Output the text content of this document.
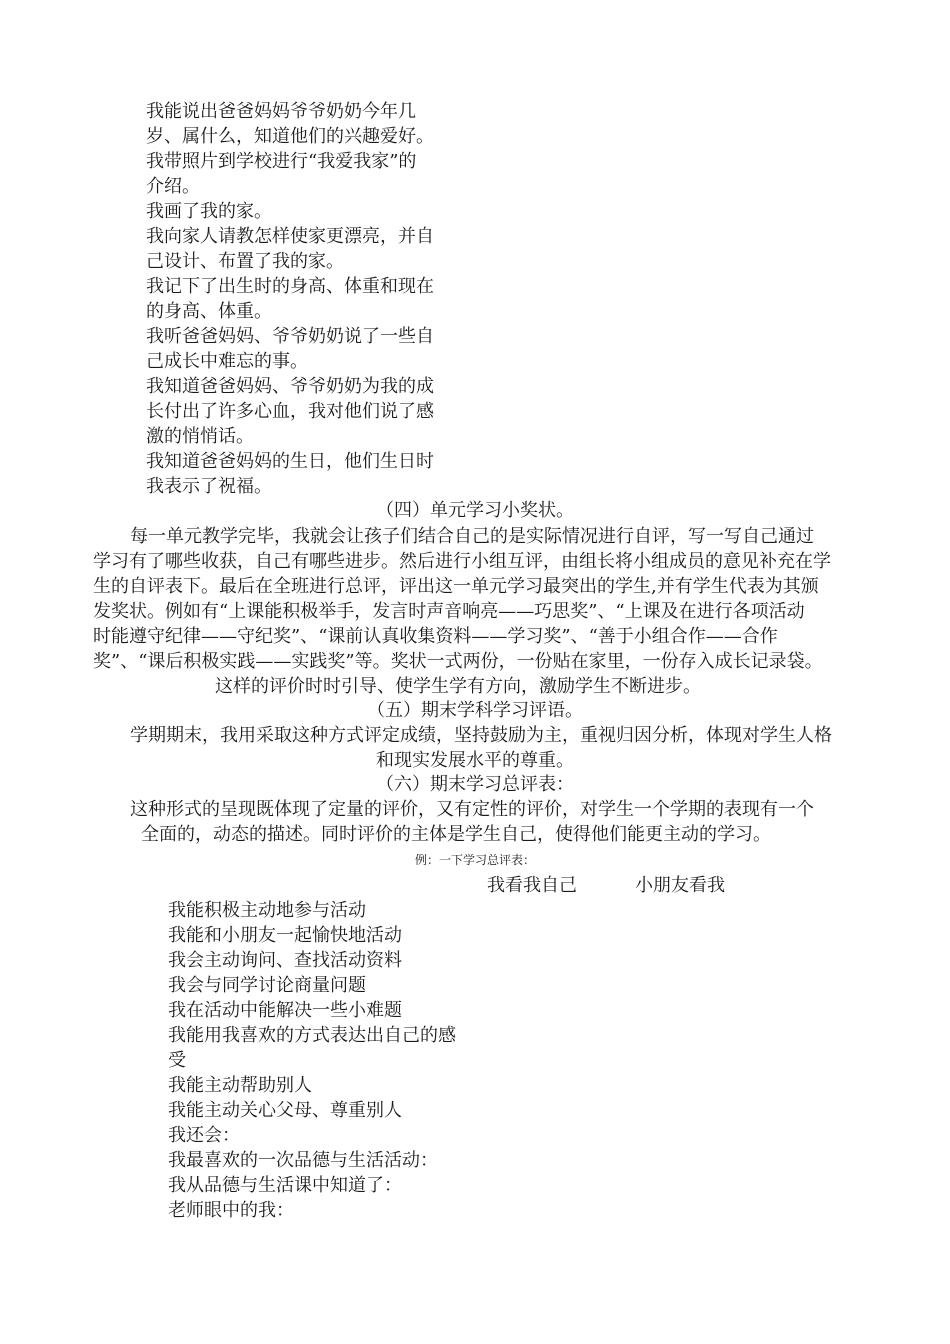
我能说出爸爸妈妈爷爷奶奶今年几
岁、属什么，知道他们的兴趣爱好。
我带照片到学校进行“我爱我家”的
介绍。
我画了我的家。
我向家人请教怎样使家更漂亮，并自
己设计、布置了我的家。
我记下了出生时的身高、体重和现在
的身高、体重。
我听爸爸妈妈、爷爷奶奶说了一些自
己成长中难忘的事。
我知道爸爸妈妈、爷爷奶奶为我的成
长付出了许多心血，我对他们说了感
激的悄悄话。
我知道爸爸妈妈的生日，他们生日时
我表示了祝福。
（四）单元学习小奖状。
每一单元教学完毕，我就会让孩子们结合自己的是实际情况进行自评，写一写自己通过
学习有了哪些收获，自己有哪些进步。然后进行小组互评，由组长将小组成员的意见补充在学
生的自评表下。最后在全班进行总评，评出这一单元学习最突出的学生,并有学生代表为其颁
发奖状。例如有“上课能积极举手，发言时声音响亮——巧思奖”、“上课及在进行各项活动
时能遵守纪律——守纪奖”、“课前认真收集资料——学习奖”、“善于小组合作——合作
奖”、“课后积极实践——实践奖”等。奖状一式两份，一份贴在家里，一份存入成长记录袋。
这样的评价时时引导、使学生学有方向，激励学生不断进步。
（五）期末学科学习评语。
学期期末，我用采取这种方式评定成绩，坚持鼓励为主，重视归因分析，体现对学生人格
和现实发展水平的尊重。
（六）期末学习总评表：
这种形式的呈现既体现了定量的评价，又有定性的评价，对学生一个学期的表现有一个
全面的，动态的描述。同时评价的主体是学生自己，使得他们能更主动的学习。
例：一下学习总评表：
我看我自己	小朋友看我
我能积极主动地参与活动
我能和小朋友一起愉快地活动
我会主动询问、查找活动资料
我会与同学讨论商量问题
我在活动中能解决一些小难题
我能用我喜欢的方式表达出自己的感
受
我能主动帮助别人
我能主动关心父母、尊重别人
我还会：
我最喜欢的一次品德与生活活动：
我从品德与生活课中知道了：
老师眼中的我：
